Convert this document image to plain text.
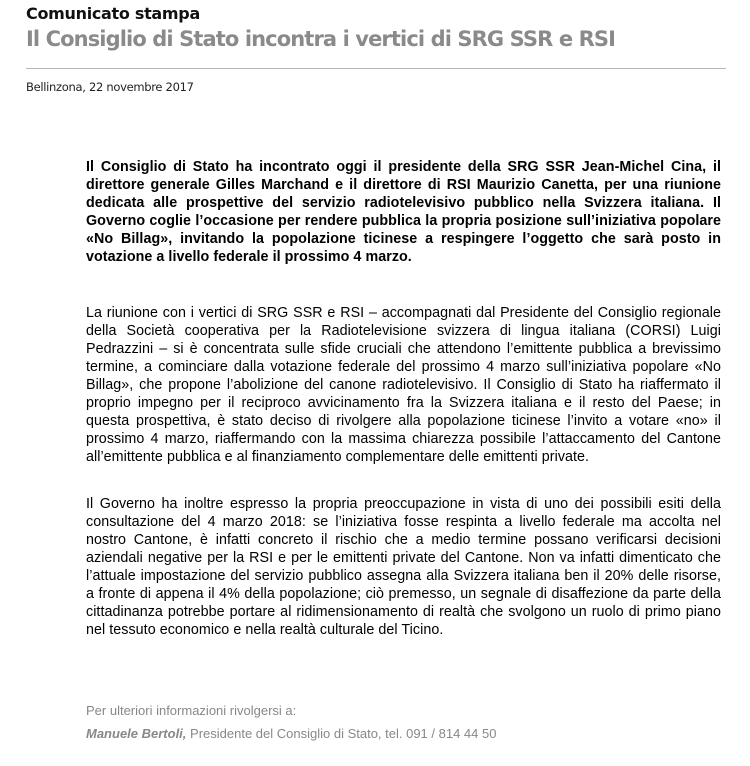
Comunicato stampa
Il Consiglio di Stato incontra i vertici di SRG SSR e RSI
Bellinzona, 22 novembre 2017

Il Consiglio di Stato ha incontrato oggi il presidente della SRG SSR Jean-Michel Cina, il direttore generale Gilles Marchand e il direttore di RSI Maurizio Canetta, per una riunione dedicata alle prospettive del servizio radiotelevisivo pubblico nella Svizzera italiana. Il Governo coglie l’occasione per rendere pubblica la propria posizione sull’iniziativa popolare «No Billag», invitando la popolazione ticinese a respingere l’oggetto che sarà posto in votazione a livello federale il prossimo 4 marzo.

La riunione con i vertici di SRG SSR e RSI – accompagnati dal Presidente del Consiglio regionale della Società cooperativa per la Radiotelevisione svizzera di lingua italiana (CORSI) Luigi Pedrazzini – si è concentrata sulle sfide cruciali che attendono l’emittente pubblica a brevissimo termine, a cominciare dalla votazione federale del prossimo 4 marzo sull’iniziativa popolare «No Billag», che propone l’abolizione del canone radiotelevisivo. Il Consiglio di Stato ha riaffermato il proprio impegno per il reciproco avvicinamento fra la Svizzera italiana e il resto del Paese; in questa prospettiva, è stato deciso di rivolgere alla popolazione ticinese l’invito a votare «no» il prossimo 4 marzo, riaffermando con la massima chiarezza possibile l’attaccamento del Cantone all’emittente pubblica e al finanziamento complementare delle emittenti private.

Il Governo ha inoltre espresso la propria preoccupazione in vista di uno dei possibili esiti della consultazione del 4 marzo 2018: se l’iniziativa fosse respinta a livello federale ma accolta nel nostro Cantone, è infatti concreto il rischio che a medio termine possano verificarsi decisioni aziendali negative per la RSI e per le emittenti private del Cantone. Non va infatti dimenticato che l’attuale impostazione del servizio pubblico assegna alla Svizzera italiana ben il 20% delle risorse, a fronte di appena il 4% della popolazione; ciò premesso, un segnale di disaffezione da parte della cittadinanza potrebbe portare al ridimensionamento di realtà che svolgono un ruolo di primo piano nel tessuto economico e nella realtà culturale del Ticino.

Per ulteriori informazioni rivolgersi a:
Manuele Bertoli, Presidente del Consiglio di Stato, tel. 091 / 814 44 50
